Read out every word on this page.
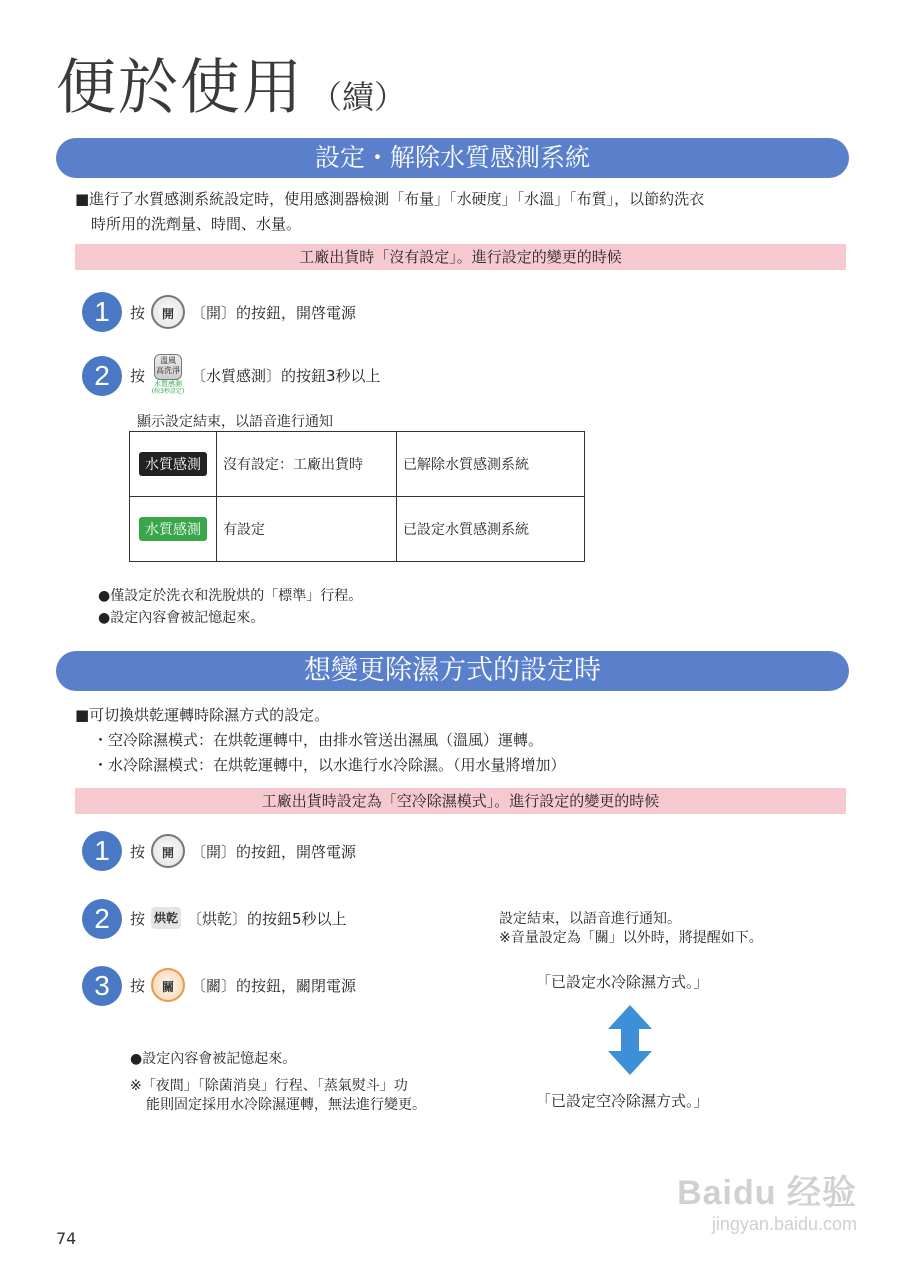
便於使用 （續）
設定・解除水質感測系統
■進行了水質感測系統設定時，使用感測器檢測「布量」「水硬度」「水溫」「布質」，以節約洗衣
時所用的洗劑量、時間、水量。
工廠出貨時「沒有設定」。進行設定的變更的時候
1	按	開	〔開〕的按鈕，開啓電源
2	按
溫風
高洗淨
水質感測
(按3秒設定)
〔水質感測〕的按鈕3秒以上
顯示設定結束，以語音進行通知
水質感測	沒有設定：工廠出貨時	已解除水質感測系統
水質感測	有設定	已設定水質感測系統
●僅設定於洗衣和洗脫烘的「標準」行程。
●設定內容會被記憶起來。
想變更除濕方式的設定時
■可切換烘乾運轉時除濕方式的設定。
・空冷除濕模式：在烘乾運轉中，由排水管送出濕風（溫風）運轉。
・水冷除濕模式：在烘乾運轉中，以水進行水冷除濕。（用水量將增加）
工廠出貨時設定為「空冷除濕模式」。進行設定的變更的時候
1	按	開	〔開〕的按鈕，開啓電源
2	按 烘乾 〔烘乾〕的按鈕5秒以上
3	按	關	〔關〕的按鈕，關閉電源
設定結束，以語音進行通知。
※音量設定為「關」以外時，將提醒如下。
「已設定水冷除濕方式。」
「已設定空冷除濕方式。」
●設定內容會被記憶起來。
※「夜間」「除菌消臭」行程、「蒸氣熨斗」功
能則固定採用水冷除濕運轉，無法進行變更。
74
Baidu 经验
jingyan.baidu.com
